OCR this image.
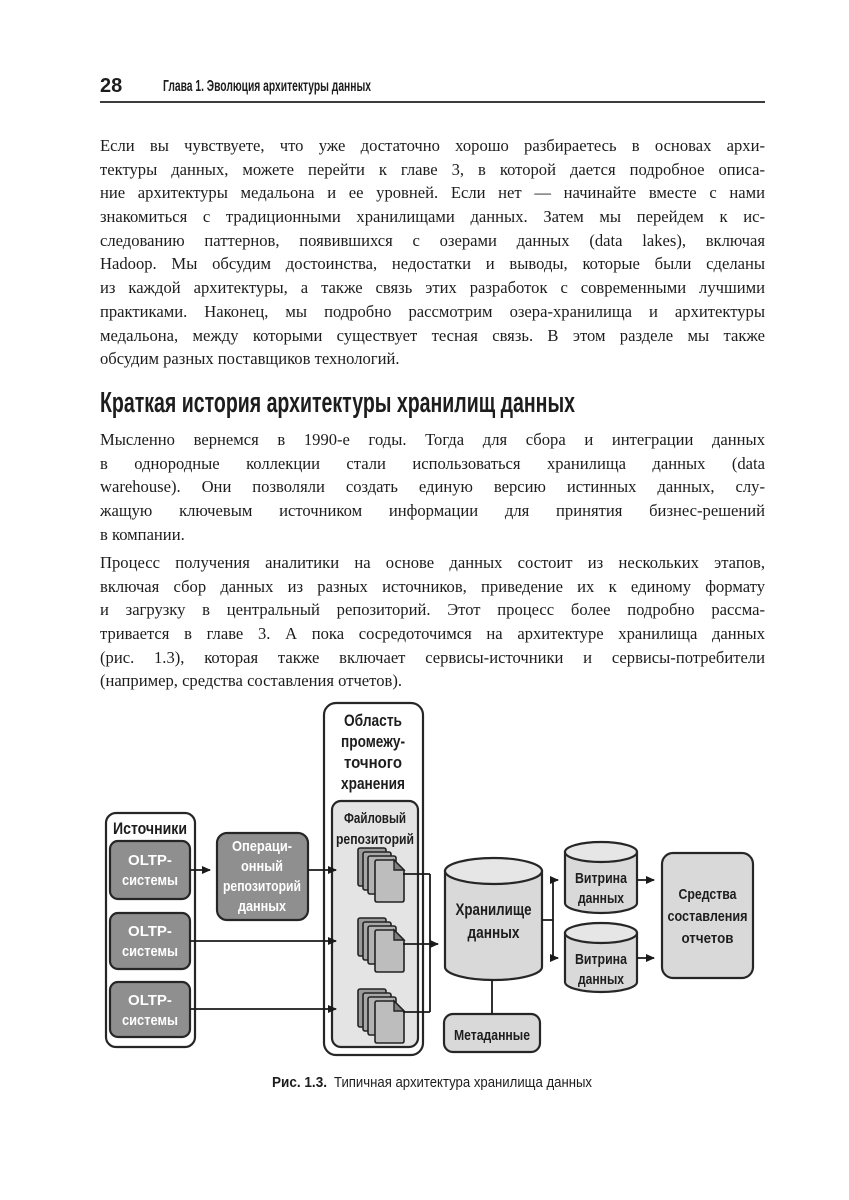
28	Глава 1. Эволюция архитектуры данных
Если вы чувствуете, что уже достаточно хорошо разбираетесь в основах архи-
тектуры данных, можете перейти к главе 3, в которой дается подробное описа-
ние архитектуры медальона и ее уровней. Если нет — начинайте вместе с нами
знакомиться с традиционными хранилищами данных. Затем мы перейдем к ис-
следованию паттернов, появившихся с озерами данных (data lakes), включая
Hadoop. Мы обсудим достоинства, недостатки и выводы, которые были сделаны
из каждой архитектуры, а также связь этих разработок с современными лучшими
практиками. Наконец, мы подробно рассмотрим озера-хранилища и архитектуры
медальона, между которыми существует тесная связь. В этом разделе мы также
обсудим разных поставщиков технологий.
Краткая история архитектуры хранилищ данных
Мысленно вернемся в 1990-е годы. Тогда для сбора и интеграции данных
в однородные коллекции стали использоваться хранилища данных (data
warehouse). Они позволяли создать единую версию истинных данных, слу-
жащую ключевым источником информации для принятия бизнес-решений
в компании.
Процесс получения аналитики на основе данных состоит из нескольких этапов,
включая сбор данных из разных источников, приведение их к единому формату
и загрузку в центральный репозиторий. Этот процесс более подробно рассма-
тривается в главе 3. А пока сосредоточимся на архитектуре хранилища данных
(рис. 1.3), которая также включает сервисы-источники и сервисы-потребители
(например, средства составления отчетов).
Источники
OLTP-
системы
OLTP-
системы
OLTP-
системы
Операци-
онный
репозиторий
данных
Область
промежу-
точного
хранения
Файловый
репозиторий
Хранилище
данных
Метаданные
Витрина
данных
Витрина
данных
Средства
составления
отчетов
Рис. 1.3. Типичная архитектура хранилища данных
